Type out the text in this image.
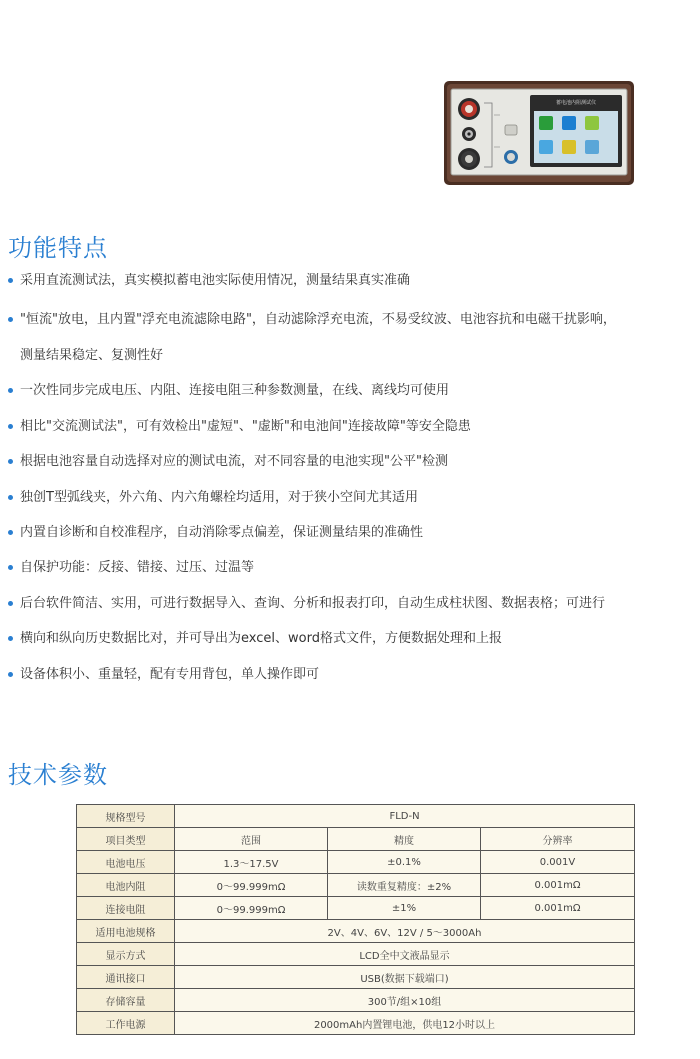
蓄电池内阻测试仪
功能特点
采用直流测试法，真实模拟蓄电池实际使用情况，测量结果真实准确
"恒流"放电，且内置"浮充电流滤除电路"，自动滤除浮充电流，不易受纹波、电池容抗和电磁干扰影响，
测量结果稳定、复测性好
一次性同步完成电压、内阻、连接电阻三种参数测量，在线、离线均可使用
相比"交流测试法"，可有效检出"虚短"、"虚断"和电池间"连接故障"等安全隐患
根据电池容量自动选择对应的测试电流，对不同容量的电池实现"公平"检测
独创T型弧线夹，外六角、内六角螺栓均适用，对于狭小空间尤其适用
内置自诊断和自校准程序，自动消除零点偏差，保证测量结果的准确性
自保护功能：反接、错接、过压、过温等
后台软件简洁、实用，可进行数据导入、查询、分析和报表打印，自动生成柱状图、数据表格；可进行
横向和纵向历史数据比对，并可导出为excel、word格式文件，方便数据处理和上报
设备体积小、重量轻，配有专用背包，单人操作即可
技术参数
规格型号	FLD-N		
项目类型	范围	精度	分辨率
电池电压	1.3～17.5V	±0.1%	0.001V
电池内阻	0～99.999mΩ	读数重复精度：±2%	0.001mΩ
连接电阻	0～99.999mΩ	±1%	0.001mΩ
适用电池规格	2V、4V、6V、12V / 5～3000Ah		
显示方式	LCD全中文液晶显示		
通讯接口	USB(数据下载端口)		
存储容量	300节/组×10组		
工作电源	2000mAh内置锂电池，供电12小时以上		
